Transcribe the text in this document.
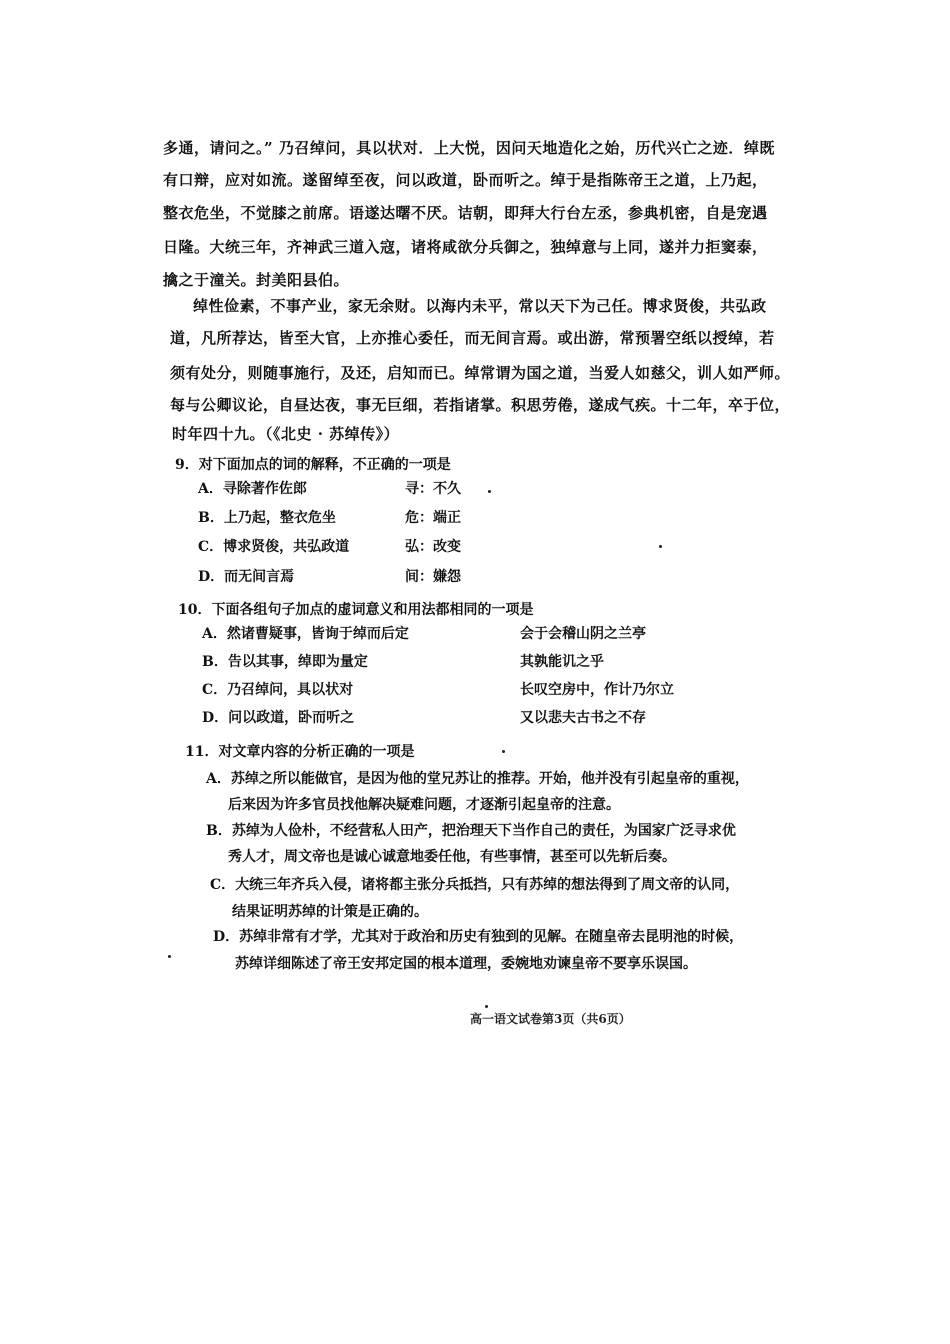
多通，请问之。” 乃召绰问，具以状对．上大悦，因问天地造化之始，历代兴亡之迹．绰既
有口辩，应对如流。遂留绰至夜，问以政道，卧而听之。绰于是指陈帝王之道，上乃起，
整衣危坐，不觉膝之前席。语遂达曙不厌。诘朝，即拜大行台左丞，参典机密，自是宠遇
日隆。大统三年，齐神武三道入寇，诸将咸欲分兵御之，独绰意与上同，遂并力拒窦泰，
擒之于潼关。封美阳县伯。
绰性俭素，不事产业，家无余财。以海内未平，常以天下为己任。博求贤俊，共弘政
道，凡所荐达，皆至大官，上亦推心委任，而无间言焉。或出游，常预署空纸以授绰，若
须有处分，则随事施行，及还，启知而已。绰常谓为国之道，当爱人如慈父，训人如严师。
每与公卿议论，自昼达夜，事无巨细，若指诸掌。积思劳倦，遂成气疾。十二年，卒于位，
时年四十九。（《北史 · 苏绰传》）
9．对下面加点的词的解释，不正确的一项是
A．寻除著作佐郎	寻：不久
B．上乃起，整衣危坐	危：端正
C．博求贤俊，共弘政道	弘：改变
D．而无间言焉	间：嫌怨
10．下面各组句子加点的虚词意义和用法都相同的一项是
A．然诸曹疑事，皆询于绰而后定	会于会稽山阴之兰亭
B．告以其事，绰即为量定	其孰能讥之乎
C．乃召绰问，具以状对	长叹空房中，作计乃尔立
D．问以政道，卧而听之	又以悲夫古书之不存
11．对文章内容的分析正确的一项是
A．苏绰之所以能做官，是因为他的堂兄苏让的推荐。开始，他并没有引起皇帝的重视，
后来因为许多官员找他解决疑难问题，才逐渐引起皇帝的注意。
B．苏绰为人俭朴，不经营私人田产，把治理天下当作自己的责任，为国家广泛寻求优
秀人才，周文帝也是诚心诚意地委任他，有些事情，甚至可以先斩后奏。
C．大统三年齐兵入侵，诸将都主张分兵抵挡，只有苏绰的想法得到了周文帝的认同，
结果证明苏绰的计策是正确的。
D．苏绰非常有才学，尤其对于政治和历史有独到的见解。在随皇帝去昆明池的时候，
苏绰详细陈述了帝王安邦定国的根本道理，委婉地劝谏皇帝不要享乐误国。
高一语文试卷第3页（共6页）
